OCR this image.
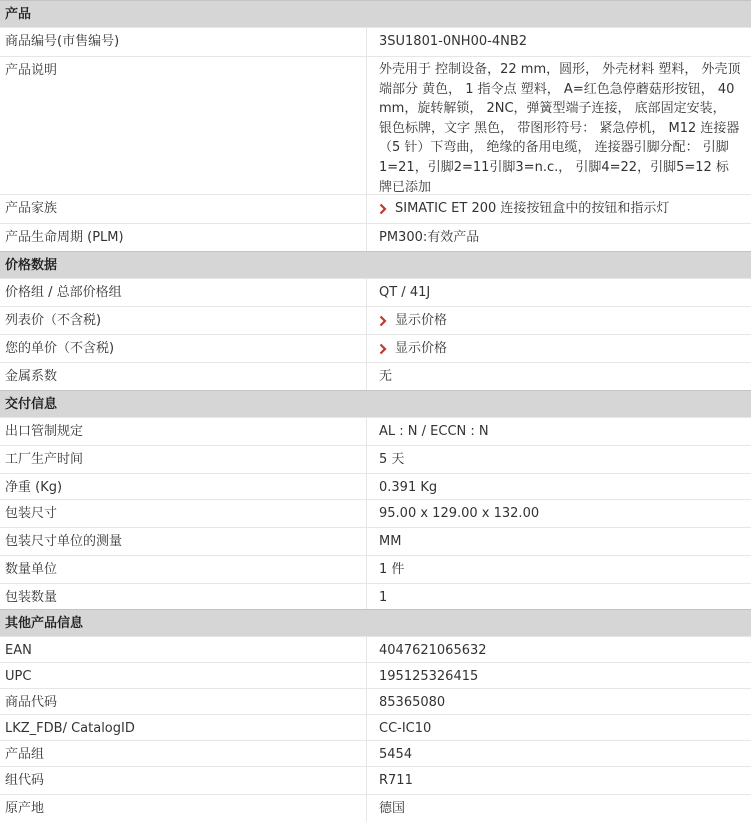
产品
商品编号(市售编号)	3SU1801-0NH00-4NB2
产品说明	外壳用于 控制设备，22 mm，圆形， 外壳材料 塑料， 外壳顶端部分 黄色， 1 指令点 塑料， A=红色急停蘑菇形按钮， 40 mm，旋转解锁， 2NC，弹簧型端子连接， 底部固定安装， 银色标牌，文字 黑色， 带图形符号： 紧急停机， M12 连接器（5 针）下弯曲， 绝缘的备用电缆， 连接器引脚分配： 引脚1=21，引脚2=11引脚3=n.c.， 引脚4=22，引脚5=12 标牌已添加
产品家族	SIMATIC ET 200 连接按钮盒中的按钮和指示灯
产品生命周期 (PLM)	PM300:有效产品
价格数据
价格组 / 总部价格组	QT / 41J
列表价（不含税)	显示价格
您的单价（不含税)	显示价格
金属系数	无
交付信息
出口管制规定	AL : N / ECCN : N
工厂生产时间	5 天
净重 (Kg)	0.391 Kg
包装尺寸	95.00 x 129.00 x 132.00
包装尺寸单位的测量	MM
数量单位	1 件
包装数量	1
其他产品信息
EAN	4047621065632
UPC	195125326415
商品代码	85365080
LKZ_FDB/ CatalogID	CC-IC10
产品组	5454
组代码	R711
原产地	德国
